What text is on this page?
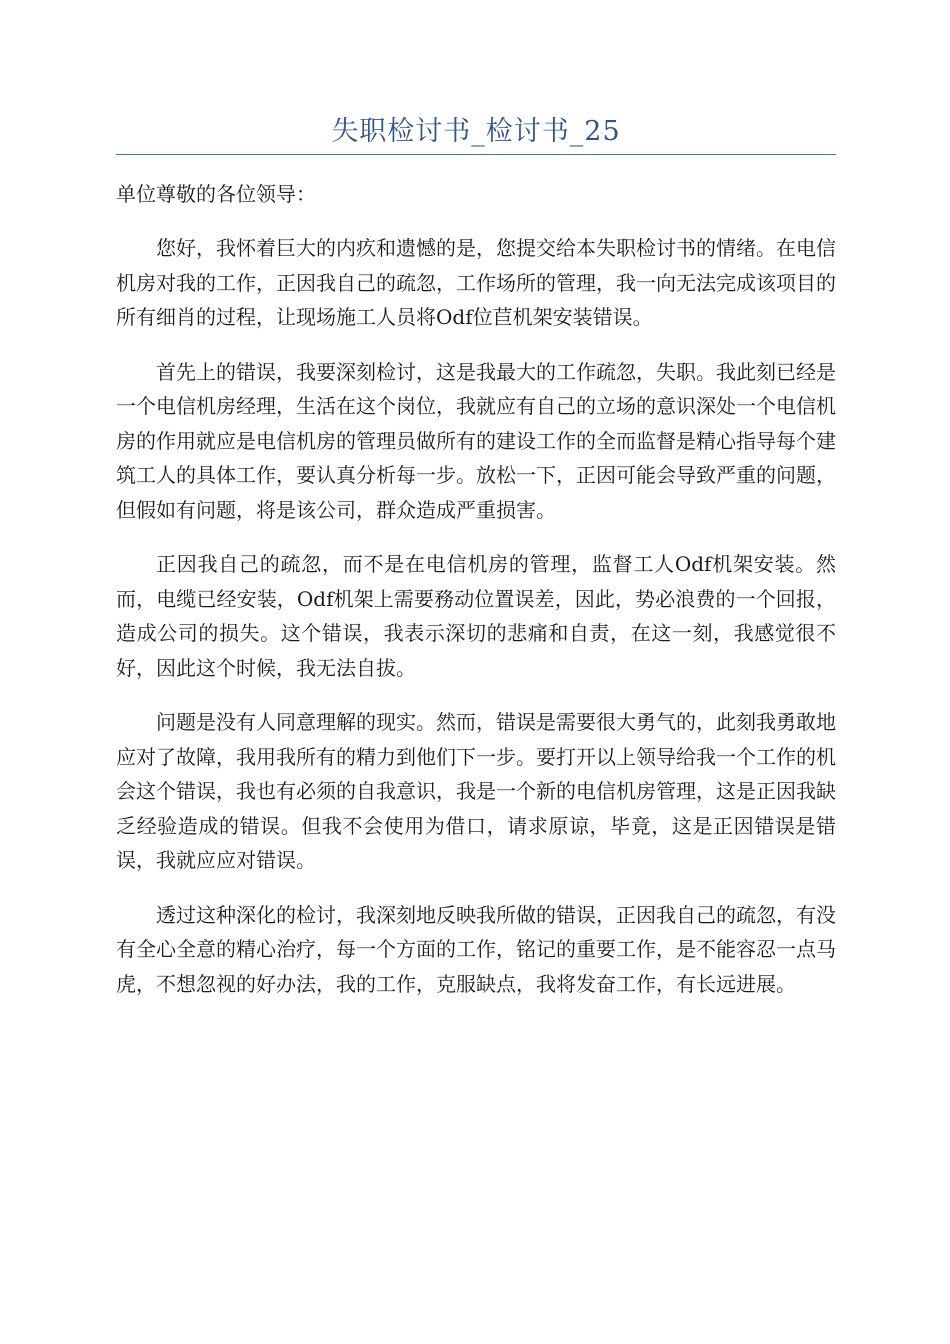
失职检讨书_检讨书_25

单位尊敬的各位领导：

您好，我怀着巨大的内疚和遗憾的是，您提交给本失职检讨书的情绪。在电信机房对我的工作，正因我自己的疏忽，工作场所的管理，我一向无法完成该项目的所有细肖的过程，让现场施工人员将Odf位苣机架安装错误。

首先上的错误，我要深刻检讨，这是我最大的工作疏忽，失职。我此刻已经是一个电信机房经理，生活在这个岗位，我就应有自己的立场的意识深处一个电信机房的作用就应是电信机房的管理员做所有的建设工作的全而监督是精心指导每个建筑工人的具体工作，要认真分析每一步。放松一下，正因可能会导致严重的问题，但假如有问题，将是该公司，群众造成严重损害。

正因我自己的疏忽，而不是在电信机房的管理，监督工人Odf机架安装。然而，电缆已经安装，Odf机架上需要務动位置误差，因此，势必浪费的一个回报，造成公司的损失。这个错误，我表示深切的悲痛和自责，在这一刻，我感觉很不好，因此这个时候，我无法自拔。

问题是没有人同意理解的现实。然而，错误是需要很大勇气的，此刻我勇敢地应对了故障，我用我所有的精力到他们下一步。要打开以上领导给我一个工作的机会这个错误，我也有必须的自我意识，我是一个新的电信机房管理，这是正因我缺乏经验造成的错误。但我不会使用为借口，请求原谅，毕竟，这是正因错误是错误，我就应应对错误。

透过这种深化的检讨，我深刻地反映我所做的错误，正因我自己的疏忽，有没有全心全意的精心治疗，每一个方面的工作，铭记的重要工作，是不能容忍一点马虎，不想忽视的好办法，我的工作，克服缺点，我将发奋工作，有长远进展。
